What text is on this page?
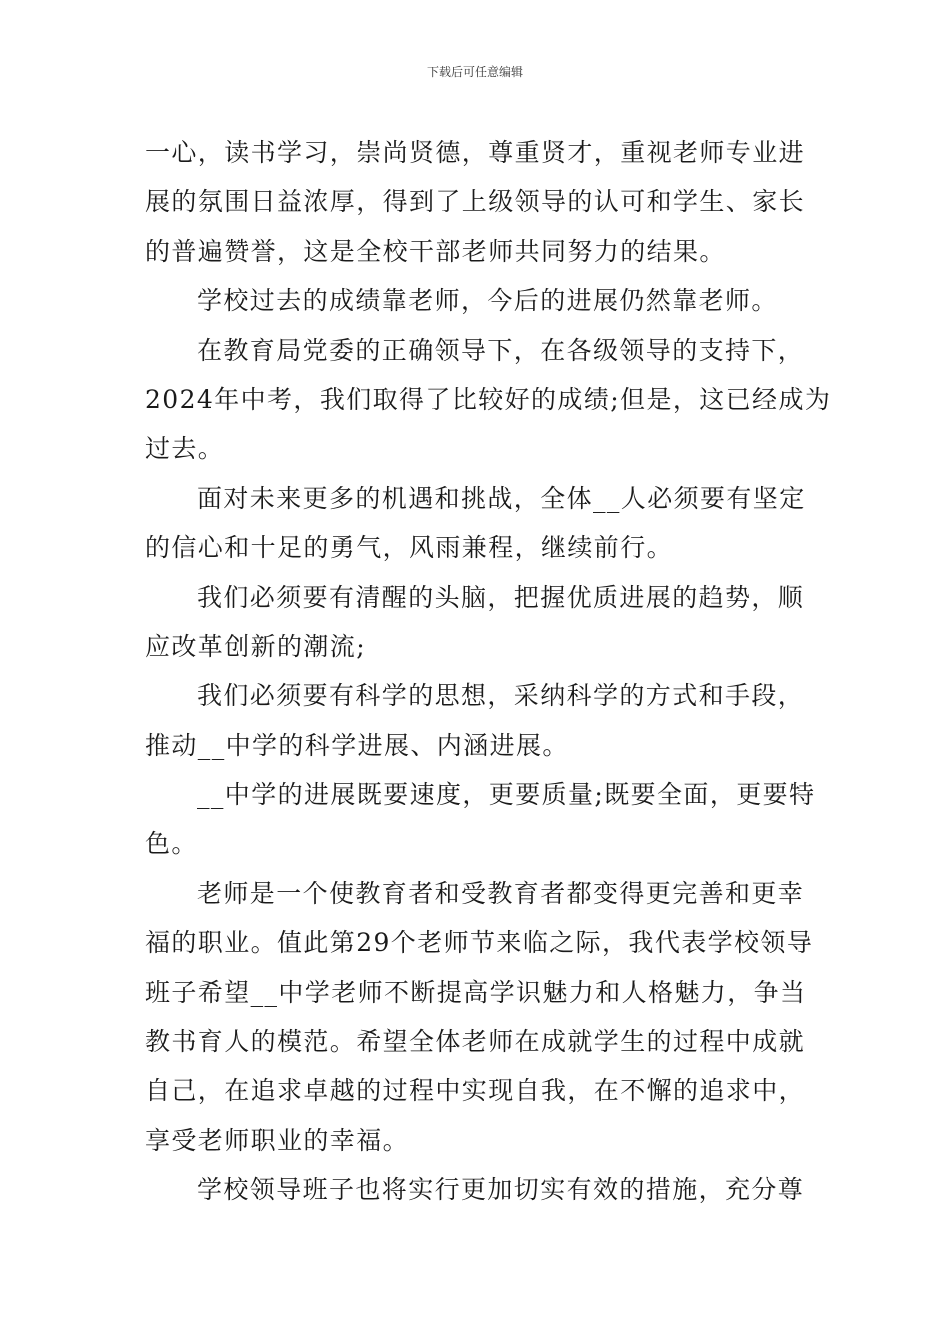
下载后可任意编辑
一心，读书学习，崇尚贤德，尊重贤才，重视老师专业进
展的氛围日益浓厚，得到了上级领导的认可和学生、家长
的普遍赞誉，这是全校干部老师共同努力的结果。
学校过去的成绩靠老师，今后的进展仍然靠老师。
在教育局党委的正确领导下，在各级领导的支持下，
2024年中考，我们取得了比较好的成绩;但是，这已经成为
过去。
面对未来更多的机遇和挑战，全体__人必须要有坚定
的信心和十足的勇气，风雨兼程，继续前行。
我们必须要有清醒的头脑，把握优质进展的趋势，顺
应改革创新的潮流;
我们必须要有科学的思想，采纳科学的方式和手段，
推动__中学的科学进展、内涵进展。
__中学的进展既要速度，更要质量;既要全面，更要特
色。
老师是一个使教育者和受教育者都变得更完善和更幸
福的职业。值此第29个老师节来临之际，我代表学校领导
班子希望__中学老师不断提高学识魅力和人格魅力，争当
教书育人的模范。希望全体老师在成就学生的过程中成就
自己，在追求卓越的过程中实现自我，在不懈的追求中，
享受老师职业的幸福。
学校领导班子也将实行更加切实有效的措施，充分尊
